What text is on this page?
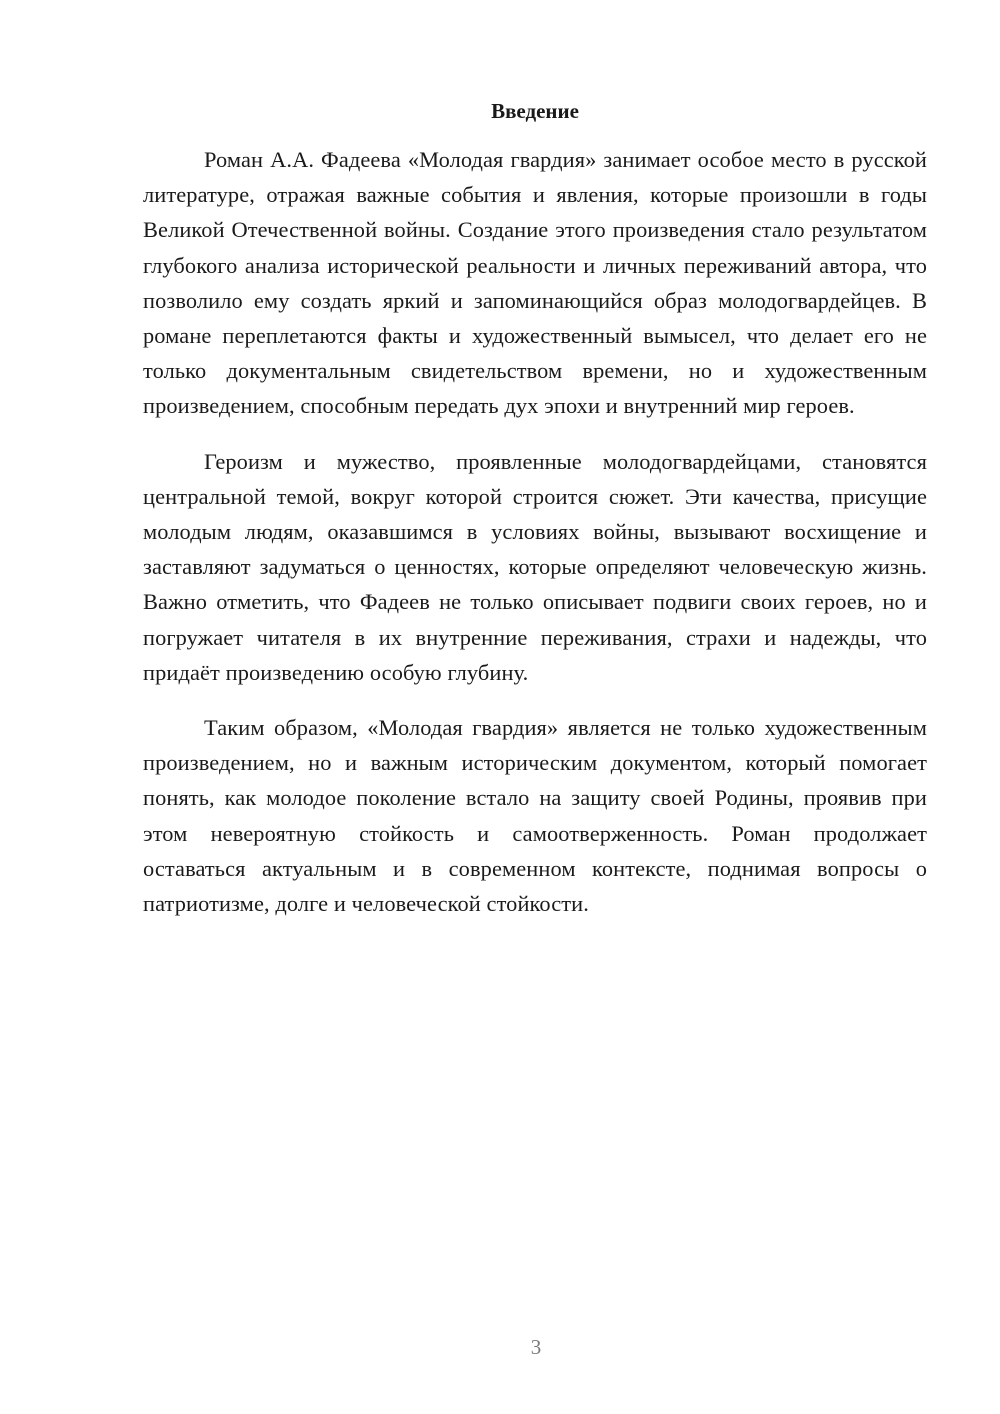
Введение

Роман А.А. Фадеева «Молодая гвардия» занимает особое место в русской литературе, отражая важные события и явления, которые произошли в годы Великой Отечественной войны. Создание этого произведения стало результатом глубокого анализа исторической реальности и личных переживаний автора, что позволило ему создать яркий и запоминающийся образ молодогвардейцев. В романе переплетаются факты и художественный вымысел, что делает его не только документальным свидетельством времени, но и художественным произведением, способным передать дух эпохи и внутренний мир героев.

Героизм и мужество, проявленные молодогвардейцами, становятся центральной темой, вокруг которой строится сюжет. Эти качества, присущие молодым людям, оказавшимся в условиях войны, вызывают восхищение и заставляют задуматься о ценностях, которые определяют человеческую жизнь. Важно отметить, что Фадеев не только описывает подвиги своих героев, но и погружает читателя в их внутренние переживания, страхи и надежды, что придаёт произведению особую глубину.

Таким образом, «Молодая гвардия» является не только художественным произведением, но и важным историческим документом, который помогает понять, как молодое поколение встало на защиту своей Родины, проявив при этом невероятную стойкость и самоотверженность. Роман продолжает оставаться актуальным и в современном контексте, поднимая вопросы о патриотизме, долге и человеческой стойкости.

3
